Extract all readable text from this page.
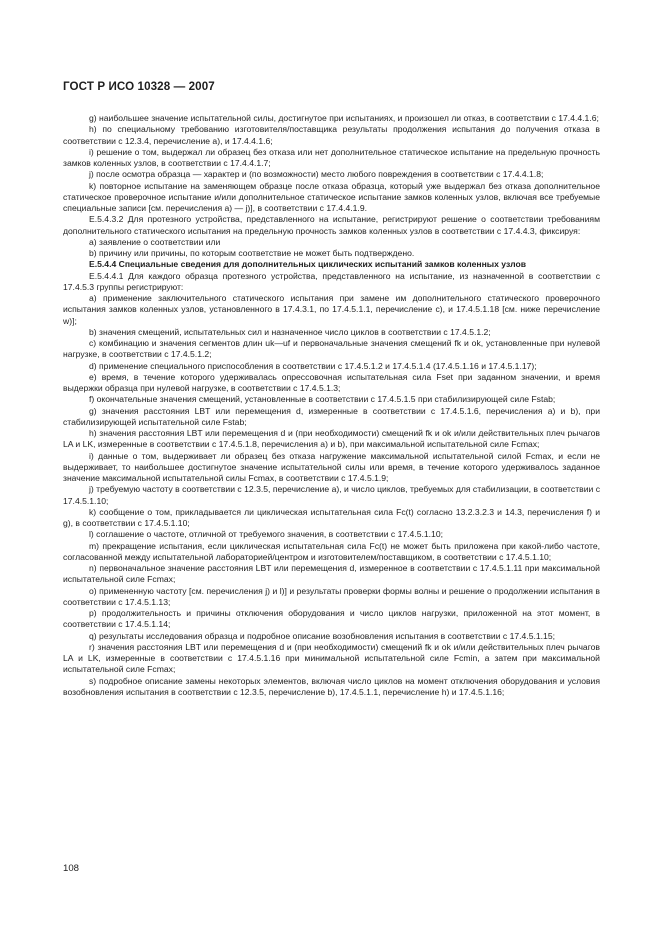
ГОСТ Р ИСО 10328 — 2007

g) наибольшее значение испытательной силы, достигнутое при испытаниях, и произошел ли отказ, в соответствии с 17.4.4.1.6;

h) по специальному требованию изготовителя/поставщика результаты продолжения испытания до получения отказа в соответствии с 12.3.4, перечисление а), и 17.4.4.1.6;

i) решение о том, выдержал ли образец без отказа или нет дополнительное статическое испытание на предельную прочность замков коленных узлов, в соответствии с 17.4.4.1.7;

j) после осмотра образца — характер и (по возможности) место любого повреждения в соответствии с 17.4.4.1.8;

k) повторное испытание на заменяющем образце после отказа образца, который уже выдержал без отказа дополнительное статическое проверочное испытание и/или дополнительное статическое испытание замков коленных узлов, включая все требуемые специальные записи [см. перечисления а) — j)], в соответствии с 17.4.4.1.9.

E.5.4.3.2 Для протезного устройства, представленного на испытание, регистрируют решение о соответствии требованиям дополнительного статического испытания на предельную прочность замков коленных узлов в соответствии с 17.4.4.3, фиксируя:

a) заявление о соответствии или

b) причину или причины, по которым соответствие не может быть подтверждено.

E.5.4.4 Специальные сведения для дополнительных циклических испытаний замков коленных узлов

E.5.4.4.1 Для каждого образца протезного устройства, представленного на испытание, из назначенной в соответствии с 17.4.5.3 группы регистрируют:

a) применение заключительного статического испытания при замене им дополнительного статического проверочного испытания замков коленных узлов, установленного в 17.4.3.1, по 17.4.5.1.1, перечисление с), и 17.4.5.1.18 [см. ниже перечисление w)];

b) значения смещений, испытательных сил и назначенное число циклов в соответствии с 17.4.5.1.2;

c) комбинацию и значения сегментов длин uk—uf и первоначальные значения смещений fk и ok, установленные при нулевой нагрузке, в соответствии с 17.4.5.1.2;

d) применение специального приспособления в соответствии с 17.4.5.1.2 и 17.4.5.1.4 (17.4.5.1.16 и 17.4.5.1.17);

e) время, в течение которого удерживалась опрессовочная испытательная сила Fset при заданном значении, и время выдержки образца при нулевой нагрузке, в соответствии с 17.4.5.1.3;

f) окончательные значения смещений, установленные в соответствии с 17.4.5.1.5 при стабилизирующей силе Fstab;

g) значения расстояния LBT или перемещения d, измеренные в соответствии с 17.4.5.1.6, перечисления а) и b), при стабилизирующей испытательной силе Fstab;

h) значения расстояния LBT или перемещения d и (при необходимости) смещений fk и ok и/или действительных плеч рычагов LA и LK, измеренные в соответствии с 17.4.5.1.8, перечисления а) и b), при максимальной испытательной силе Fcmax;

i) данные о том, выдерживает ли образец без отказа нагружение максимальной испытательной силой Fcmax, и если не выдерживает, то наибольшее достигнутое значение испытательной силы или время, в течение которого удерживалось заданное значение максимальной испытательной силы Fcmax, в соответствии с 17.4.5.1.9;

j) требуемую частоту в соответствии с 12.3.5, перечисление а), и число циклов, требуемых для стабилизации, в соответствии с 17.4.5.1.10;

k) сообщение о том, прикладывается ли циклическая испытательная сила Fc(t) согласно 13.2.3.2.3 и 14.3, перечисления f) и g), в соответствии с 17.4.5.1.10;

l) соглашение о частоте, отличной от требуемого значения, в соответствии с 17.4.5.1.10;

m) прекращение испытания, если циклическая испытательная сила Fc(t) не может быть приложена при какой-либо частоте, согласованной между испытательной лабораторией/центром и изготовителем/поставщиком, в соответствии с 17.4.5.1.10;

n) первоначальное значение расстояния LBT или перемещения d, измеренное в соответствии с 17.4.5.1.11 при максимальной испытательной силе Fcmax;

o) примененную частоту [см. перечисления j) и l)] и результаты проверки формы волны и решение о продолжении испытания в соответствии с 17.4.5.1.13;

p) продолжительность и причины отключения оборудования и число циклов нагрузки, приложенной на этот момент, в соответствии с 17.4.5.1.14;

q) результаты исследования образца и подробное описание возобновления испытания в соответствии с 17.4.5.1.15;

r) значения расстояния LBT или перемещения d и (при необходимости) смещений fk и ok и/или действительных плеч рычагов LA и LK, измеренные в соответствии с 17.4.5.1.16 при минимальной испытательной силе Fcmin, а затем при максимальной испытательной силе Fcmax;

s) подробное описание замены некоторых элементов, включая число циклов на момент отключения оборудования и условия возобновления испытания в соответствии с 12.3.5, перечисление b), 17.4.5.1.1, перечисление h) и 17.4.5.1.16;

108
